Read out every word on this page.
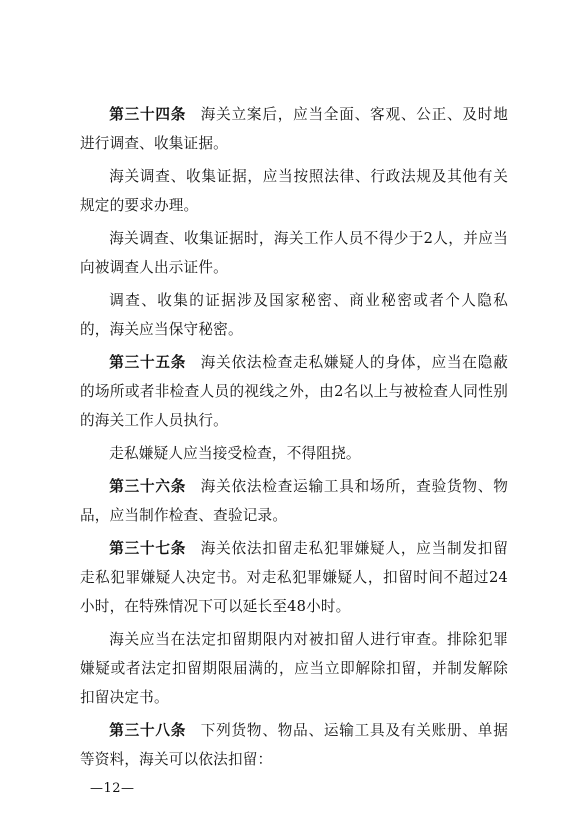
第三十四条 海关立案后，应当全面、客观、公正、及时地进行调查、收集证据。

海关调查、收集证据，应当按照法律、行政法规及其他有关规定的要求办理。

海关调查、收集证据时，海关工作人员不得少于2人，并应当向被调查人出示证件。

调查、收集的证据涉及国家秘密、商业秘密或者个人隐私的，海关应当保守秘密。

第三十五条 海关依法检查走私嫌疑人的身体，应当在隐蔽的场所或者非检查人员的视线之外，由2名以上与被检查人同性别的海关工作人员执行。

走私嫌疑人应当接受检查，不得阻挠。

第三十六条 海关依法检查运输工具和场所，查验货物、物品，应当制作检查、查验记录。

第三十七条 海关依法扣留走私犯罪嫌疑人，应当制发扣留走私犯罪嫌疑人决定书。对走私犯罪嫌疑人，扣留时间不超过24小时，在特殊情况下可以延长至48小时。

海关应当在法定扣留期限内对被扣留人进行审查。排除犯罪嫌疑或者法定扣留期限届满的，应当立即解除扣留，并制发解除扣留决定书。

第三十八条 下列货物、物品、运输工具及有关账册、单据等资料，海关可以依法扣留：

—12—
